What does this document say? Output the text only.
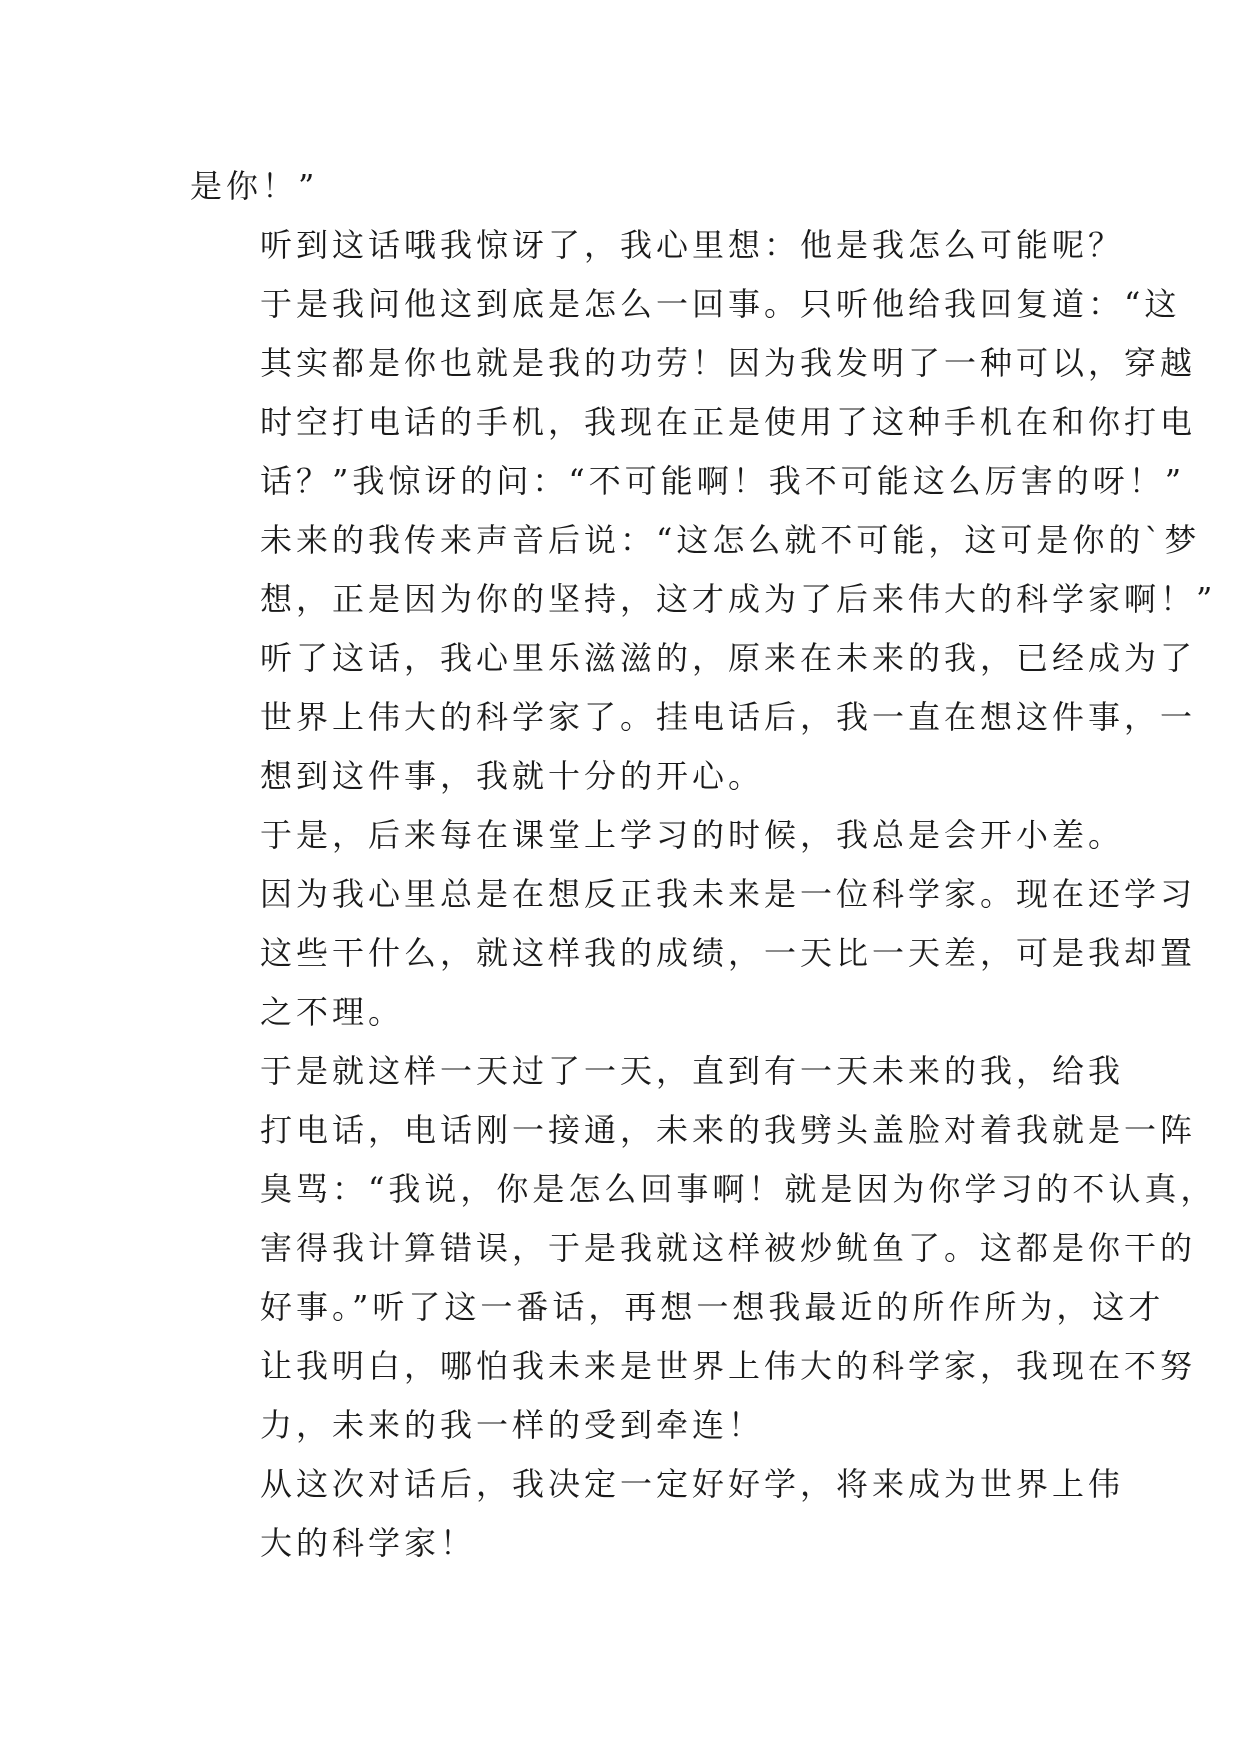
是你！”

听到这话哦我惊讶了，我心里想：他是我怎么可能呢？
于是我问他这到底是怎么一回事。只听他给我回复道：“这
其实都是你也就是我的功劳！因为我发明了一种可以，穿越
时空打电话的手机，我现在正是使用了这种手机在和你打电
话？”我惊讶的问：“不可能啊！我不可能这么厉害的呀！”
未来的我传来声音后说：“这怎么就不可能，这可是你的`梦
想，正是因为你的坚持，这才成为了后来伟大的科学家啊！”
听了这话，我心里乐滋滋的，原来在未来的我，已经成为了
世界上伟大的科学家了。挂电话后，我一直在想这件事，一
想到这件事，我就十分的开心。

于是，后来每在课堂上学习的时候，我总是会开小差。
因为我心里总是在想反正我未来是一位科学家。现在还学习
这些干什么，就这样我的成绩，一天比一天差，可是我却置
之不理。

于是就这样一天过了一天，直到有一天未来的我，给我
打电话，电话刚一接通，未来的我劈头盖脸对着我就是一阵
臭骂：“我说，你是怎么回事啊！就是因为你学习的不认真，
害得我计算错误，于是我就这样被炒鱿鱼了。这都是你干的
好事。”听了这一番话，再想一想我最近的所作所为，这才
让我明白，哪怕我未来是世界上伟大的科学家，我现在不努
力，未来的我一样的受到牵连！

从这次对话后，我决定一定好好学，将来成为世界上伟
大的科学家！
